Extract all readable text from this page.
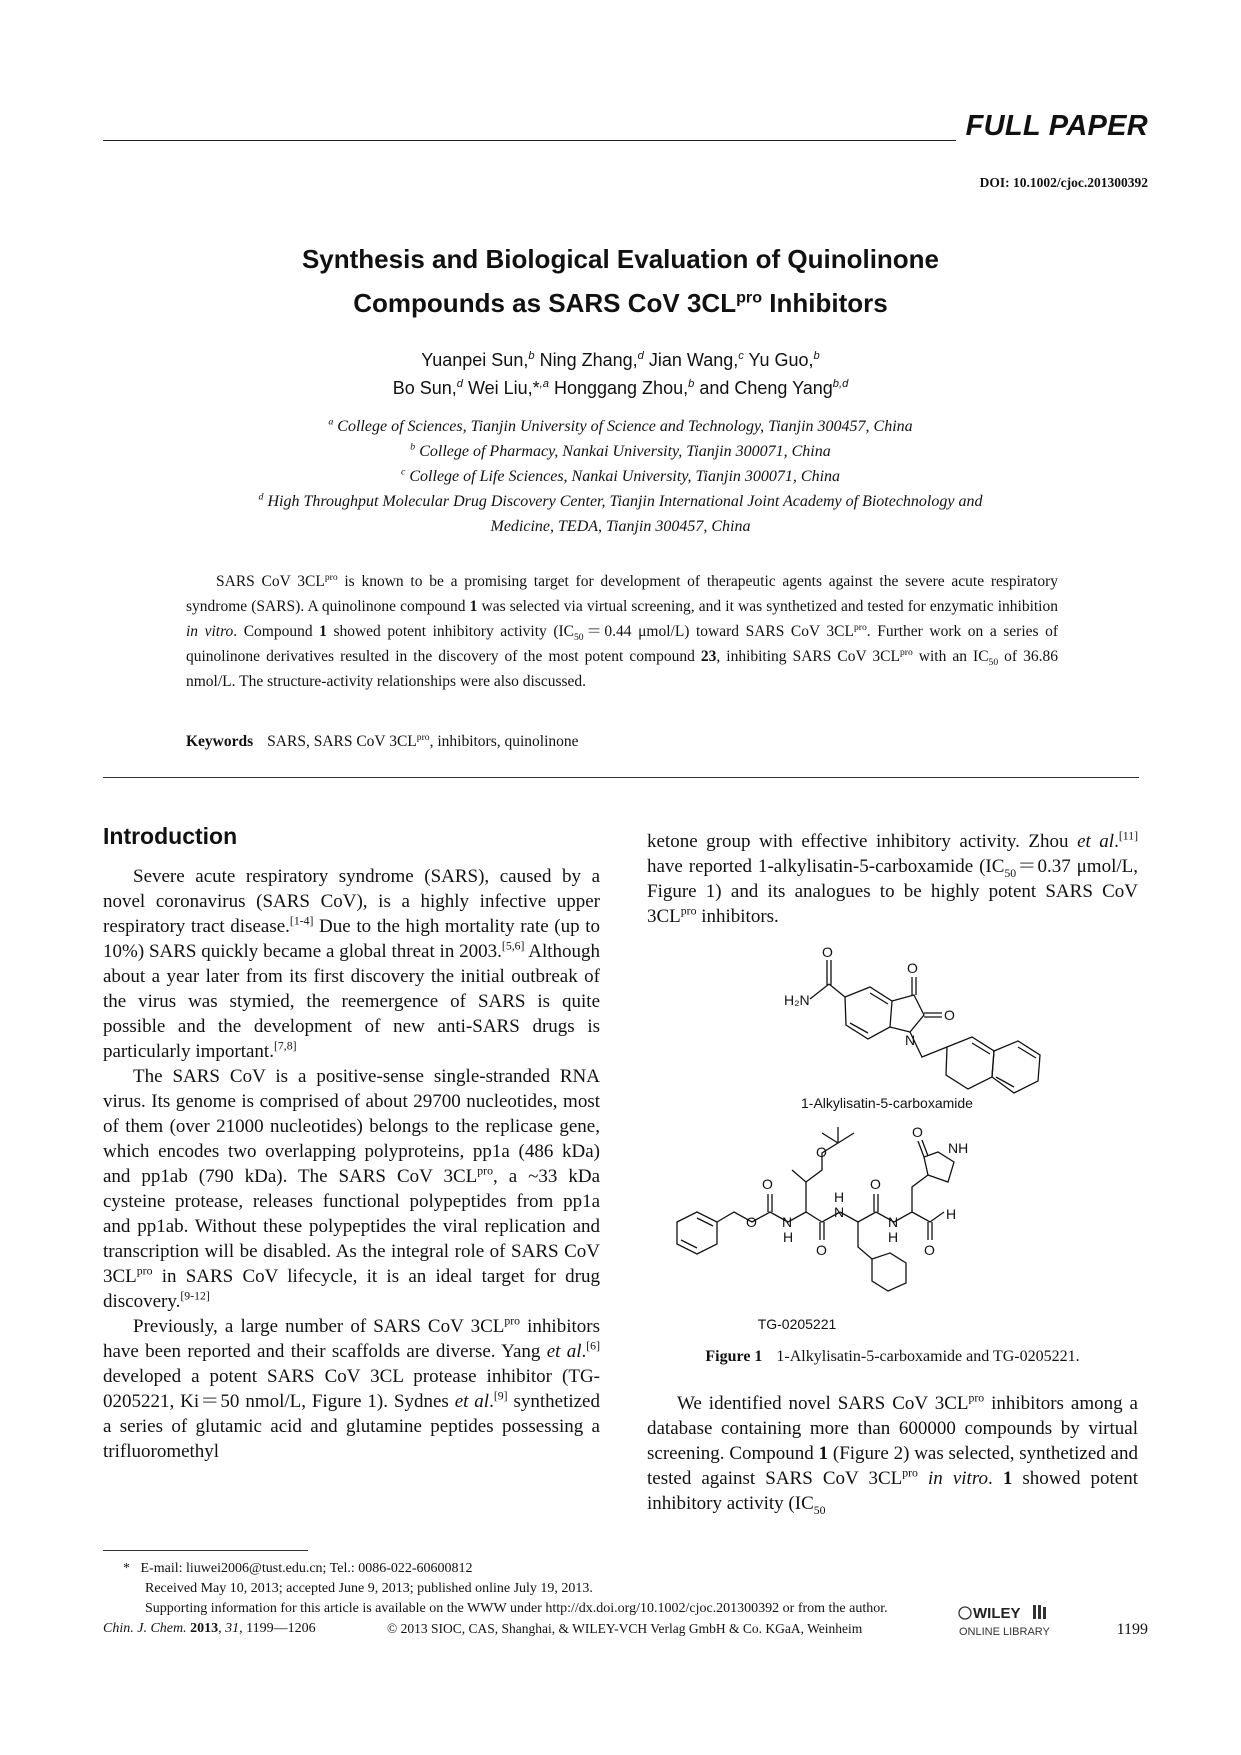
FULL PAPER
DOI: 10.1002/cjoc.201300392
Synthesis and Biological Evaluation of Quinolinone
Compounds as SARS CoV $3CL^{pro}$ Inhibitors
Yuanpei Sun,$^b$ Ning Zhang,$^d$ Jian Wang,$^c$ Yu Guo,$^b$
Bo Sun,$^d$ Wei Liu,*$^{,a}$ Honggang Zhou,$^b$ and Cheng Yang$^{b,d}$
$^a$ College of Sciences, Tianjin University of Science and Technology, Tianjin 300457, China
$^b$ College of Pharmacy, Nankai University, Tianjin 300071, China
$^c$ College of Life Sciences, Nankai University, Tianjin 300071, China
$^d$ High Throughput Molecular Drug Discovery Center, Tianjin International Joint Academy of Biotechnology and
Medicine, TEDA, Tianjin 300457, China

SARS CoV $3CL^{pro}$ is known to be a promising target for development of therapeutic agents against the severe acute respiratory syndrome (SARS). A quinolinone compound 1 was selected via virtual screening, and it was synthetized and tested for enzymatic inhibition in vitro. Compound 1 showed potent inhibitory activity ($IC_{50}=0.44$ μmol/L) toward SARS CoV $3CL^{pro}$. Further work on a series of quinolinone derivatives resulted in the discovery of the most potent compound 23, inhibiting SARS CoV $3CL^{pro}$ with an $IC_{50}$ of 36.86 nmol/L. The structure-activity relationships were also discussed.

Keywords SARS, SARS CoV $3CL^{pro}$, inhibitors, quinolinone
Introduction

Severe acute respiratory syndrome (SARS), caused by a novel coronavirus (SARS CoV), is a highly infective upper respiratory tract disease.[1-4] Due to the high mortality rate (up to 10%) SARS quickly became a global threat in 2003.[5,6] Although about a year later from its first discovery the initial outbreak of the virus was stymied, the reemergence of SARS is quite possible and the development of new anti-SARS drugs is particularly important.[7,8]

The SARS CoV is a positive-sense single-stranded RNA virus. Its genome is comprised of about 29700 nucleotides, most of them (over 21000 nucleotides) belongs to the replicase gene, which encodes two overlapping polyproteins, pp1a (486 kDa) and pp1ab (790 kDa). The SARS CoV $3CL^{pro}$, a ~33 kDa cysteine protease, releases functional polypeptides from pp1a and pp1ab. Without these polypeptides the viral replication and transcription will be disabled. As the integral role of SARS CoV $3CL^{pro}$ in SARS CoV lifecycle, it is an ideal target for drug discovery.[9-12]

Previously, a large number of SARS CoV $3CL^{pro}$ inhibitors have been reported and their scaffolds are diverse. Yang et al.[6] developed a potent SARS CoV 3CL protease inhibitor (TG-0205221, Ki＝50 nmol/L, Figure 1). Sydnes et al.[9] synthetized a series of glutamic acid and glutamine peptides possessing a trifluoromethyl

ketone group with effective inhibitory activity. Zhou et al.[11] have reported 1-alkylisatin-5-carboxamide ($IC_{50}=0.37$ μmol/L, Figure 1) and its analogues to be highly potent SARS CoV $3CL^{pro}$ inhibitors.

O
H₂N
O
O
N
1-Alkylisatin-5-carboxamide
O
O N
H
O
O
H
N
O
N
H
O
NH
H
O
TG-0205221
Figure 1 1-Alkylisatin-5-carboxamide and TG-0205221.

We identified novel SARS CoV $3CL^{pro}$ inhibitors among a database containing more than 600000 compounds by virtual screening. Compound 1 (Figure 2) was selected, synthetized and tested against SARS CoV $3CL^{pro}$ in vitro. 1 showed potent inhibitory activity ($IC_{50}$

* E-mail: liuwei2006@tust.edu.cn; Tel.: 0086-022-60600812
Received May 10, 2013; accepted June 9, 2013; published online July 19, 2013.
Supporting information for this article is available on the WWW under http://dx.doi.org/10.1002/cjoc.201300392 or from the author.
Chin. J. Chem. 2013, 31, 1199—1206	© 2013 SIOC, CAS, Shanghai, & WILEY-VCH Verlag GmbH & Co. KGaA, Weinheim
WILEY
ONLINE LIBRARY	1199
